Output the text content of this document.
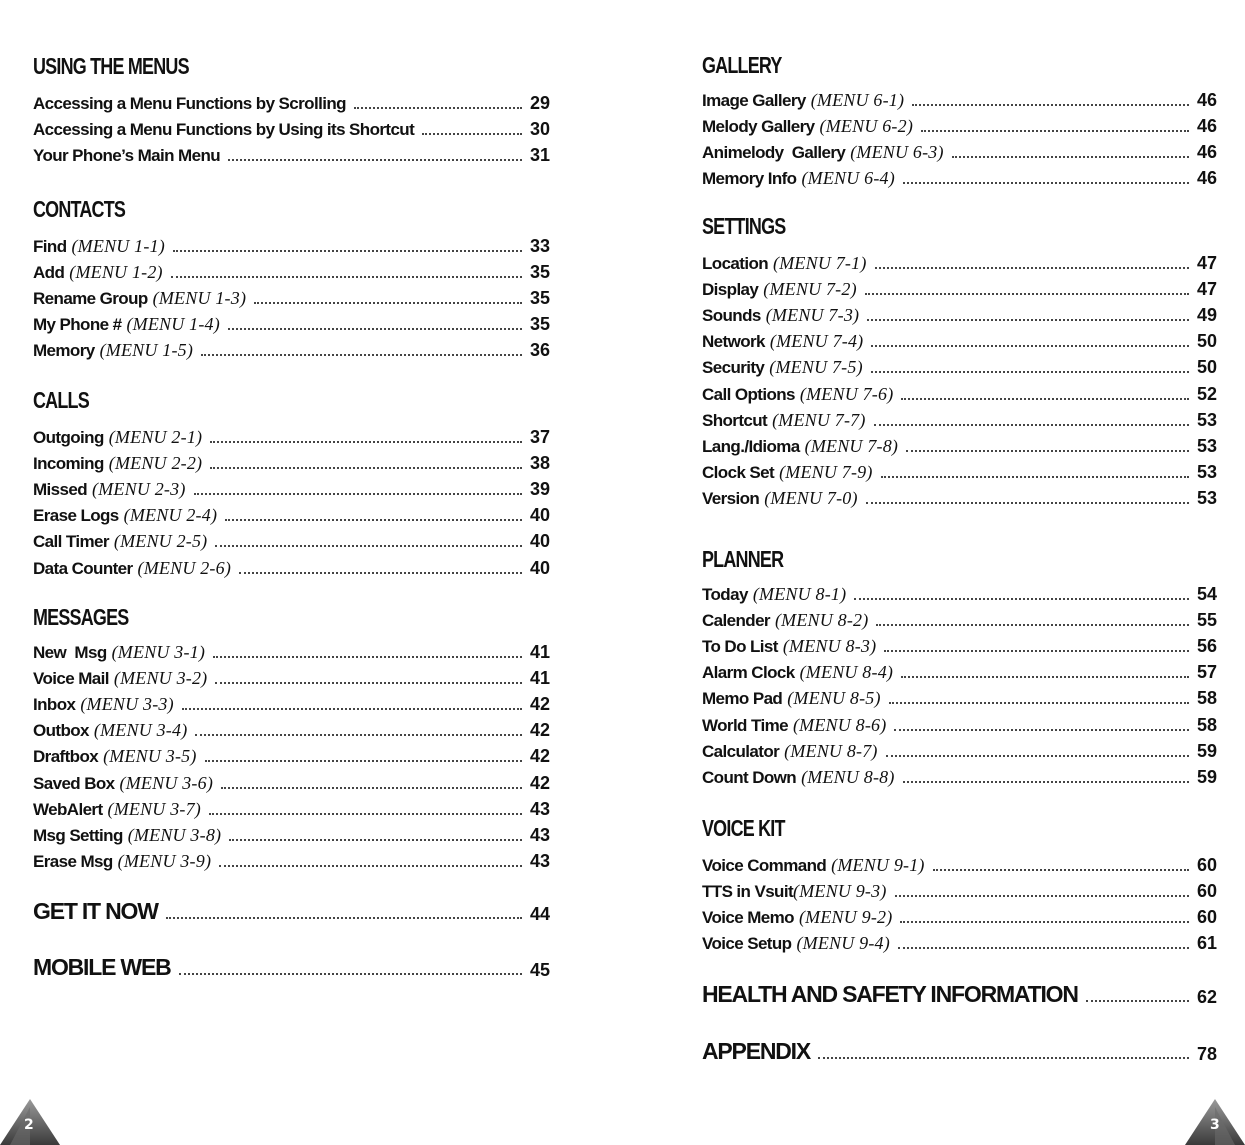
USING THE MENUS
Accessing a Menu Functions by Scrolling	29
Accessing a Menu Functions by Using its Shortcut	30
Your Phone’s Main Menu	31
CONTACTS
Find (MENU 1-1)	33
Add (MENU 1-2)	35
Rename Group (MENU 1-3)	35
My Phone # (MENU 1-4)	35
Memory (MENU 1-5)	36
CALLS
Outgoing (MENU 2-1)	37
Incoming (MENU 2-2)	38
Missed (MENU 2-3)	39
Erase Logs (MENU 2-4)	40
Call Timer (MENU 2-5)	40
Data Counter (MENU 2-6)	40
MESSAGES
New  Msg (MENU 3-1)	41
Voice Mail (MENU 3-2)	41
Inbox (MENU 3-3)	42
Outbox (MENU 3-4)	42
Draftbox (MENU 3-5)	42
Saved Box (MENU 3-6)	42
WebAlert (MENU 3-7)	43
Msg Setting (MENU 3-8)	43
Erase Msg (MENU 3-9)	43
GET IT NOW	44
MOBILE WEB	45
2
GALLERY
Image Gallery (MENU 6-1)	46
Melody Gallery (MENU 6-2)	46
Animelody  Gallery (MENU 6-3)	46
Memory Info (MENU 6-4)	46
SETTINGS
Location (MENU 7-1)	47
Display (MENU 7-2)	47
Sounds (MENU 7-3)	49
Network (MENU 7-4)	50
Security (MENU 7-5)	50
Call Options (MENU 7-6)	52
Shortcut (MENU 7-7)	53
Lang./Idioma (MENU 7-8)	53
Clock Set (MENU 7-9)	53
Version (MENU 7-0)	53
PLANNER
Today (MENU 8-1)	54
Calender (MENU 8-2)	55
To Do List (MENU 8-3)	56
Alarm Clock (MENU 8-4)	57
Memo Pad (MENU 8-5)	58
World Time (MENU 8-6)	58
Calculator (MENU 8-7)	59
Count Down (MENU 8-8)	59
VOICE KIT
Voice Command (MENU 9-1)	60
TTS in Vsuit (MENU 9-3)	60
Voice Memo (MENU 9-2)	60
Voice Setup (MENU 9-4)	61
HEALTH AND SAFETY INFORMATION	62
APPENDIX	78
3
